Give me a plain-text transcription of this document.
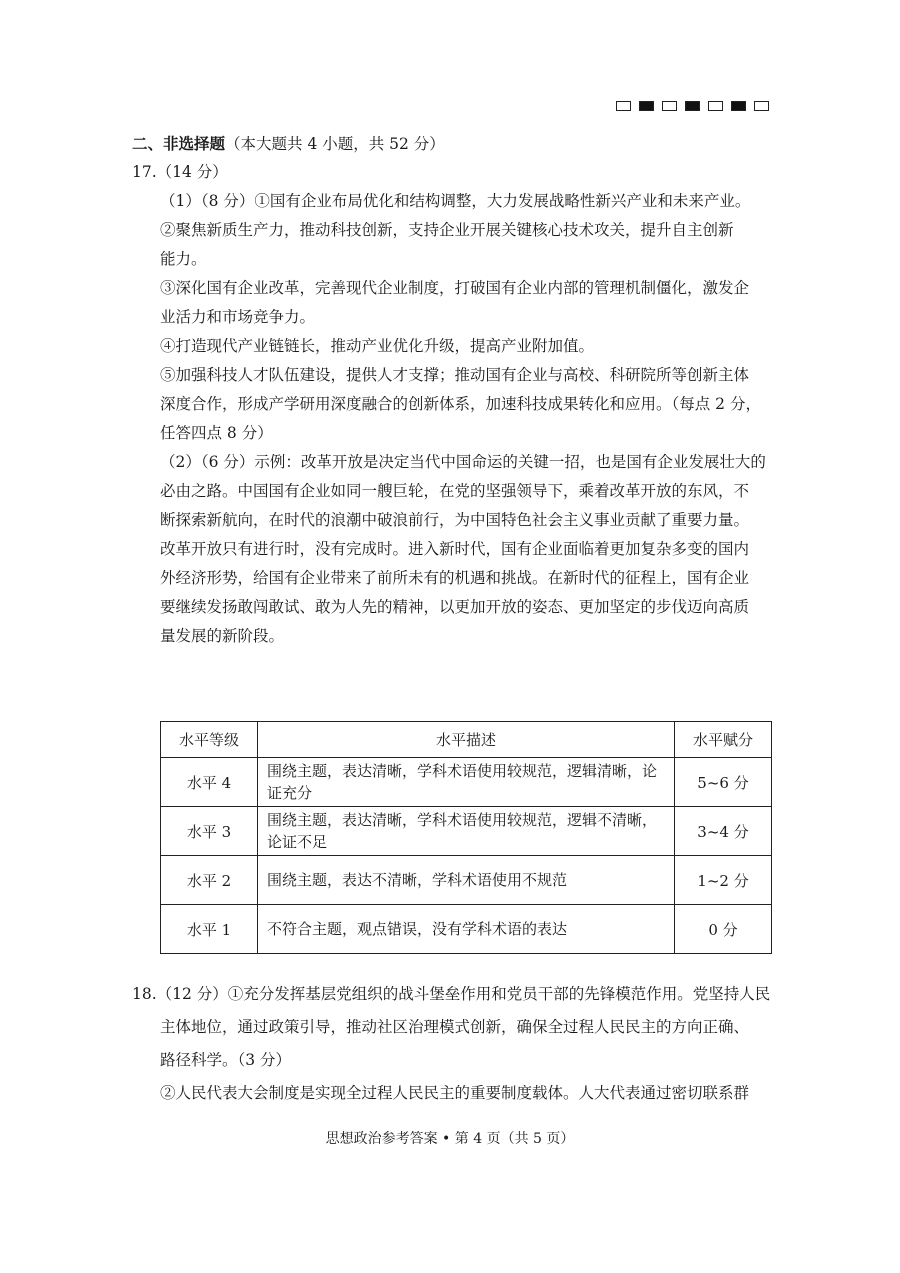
二、非选择题（本大题共 4 小题，共 52 分）
17.（14 分）
（1）（8 分）①国有企业布局优化和结构调整，大力发展战略性新兴产业和未来产业。
②聚焦新质生产力，推动科技创新，支持企业开展关键核心技术攻关，提升自主创新
能力。
③深化国有企业改革，完善现代企业制度，打破国有企业内部的管理机制僵化，激发企
业活力和市场竞争力。
④打造现代产业链链长，推动产业优化升级，提高产业附加值。
⑤加强科技人才队伍建设，提供人才支撑；推动国有企业与高校、科研院所等创新主体
深度合作，形成产学研用深度融合的创新体系，加速科技成果转化和应用。（每点 2 分，
任答四点 8 分）
（2）（6 分）示例：改革开放是决定当代中国命运的关键一招，也是国有企业发展壮大的
必由之路。中国国有企业如同一艘巨轮，在党的坚强领导下，乘着改革开放的东风，不
断探索新航向，在时代的浪潮中破浪前行，为中国特色社会主义事业贡献了重要力量。
改革开放只有进行时，没有完成时。进入新时代，国有企业面临着更加复杂多变的国内
外经济形势，给国有企业带来了前所未有的机遇和挑战。在新时代的征程上，国有企业
要继续发扬敢闯敢试、敢为人先的精神，以更加开放的姿态、更加坚定的步伐迈向高质
量发展的新阶段。
水平等级	水平描述	水平赋分
水平 4	围绕主题，表达清晰，学科术语使用较规范，逻辑清晰，论证充分	5~6 分
水平 3	围绕主题，表达清晰，学科术语使用较规范，逻辑不清晰，论证不足	3~4 分
水平 2	围绕主题，表达不清晰，学科术语使用不规范	1~2 分
水平 1	不符合主题，观点错误，没有学科术语的表达	0 分
18.（12 分）①充分发挥基层党组织的战斗堡垒作用和党员干部的先锋模范作用。党坚持人民
主体地位，通过政策引导，推动社区治理模式创新，确保全过程人民民主的方向正确、
路径科学。（3 分）
②人民代表大会制度是实现全过程人民民主的重要制度载体。人大代表通过密切联系群
思想政治参考答案 • 第 4 页（共 5 页）
